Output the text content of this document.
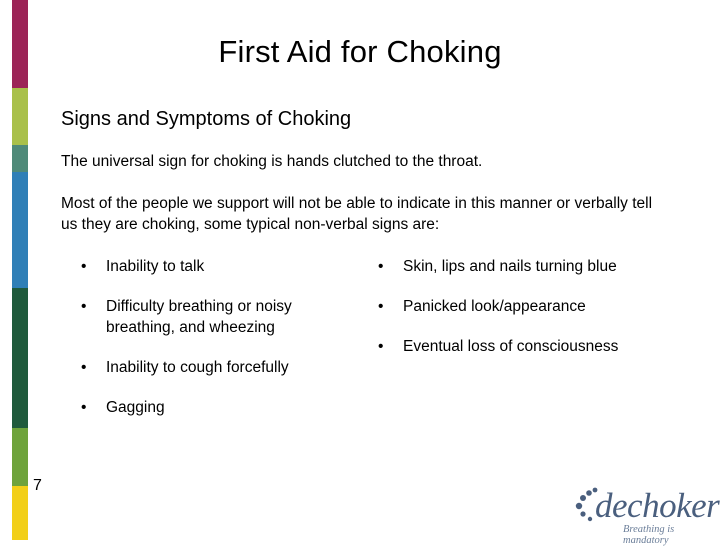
First Aid for Choking
Signs and Symptoms of Choking
The universal sign for choking is hands clutched to the throat.
Most of the people we support will not be able to indicate in this manner or verbally tell us they are choking, some typical non-verbal signs are:
• Inability to talk
• Difficulty breathing or noisy breathing, and wheezing
• Inability to cough forcefully
• Gagging
• Skin, lips and nails turning blue
• Panicked look/appearance
• Eventual loss of consciousness
7
dechoker
Breathing is mandatory
